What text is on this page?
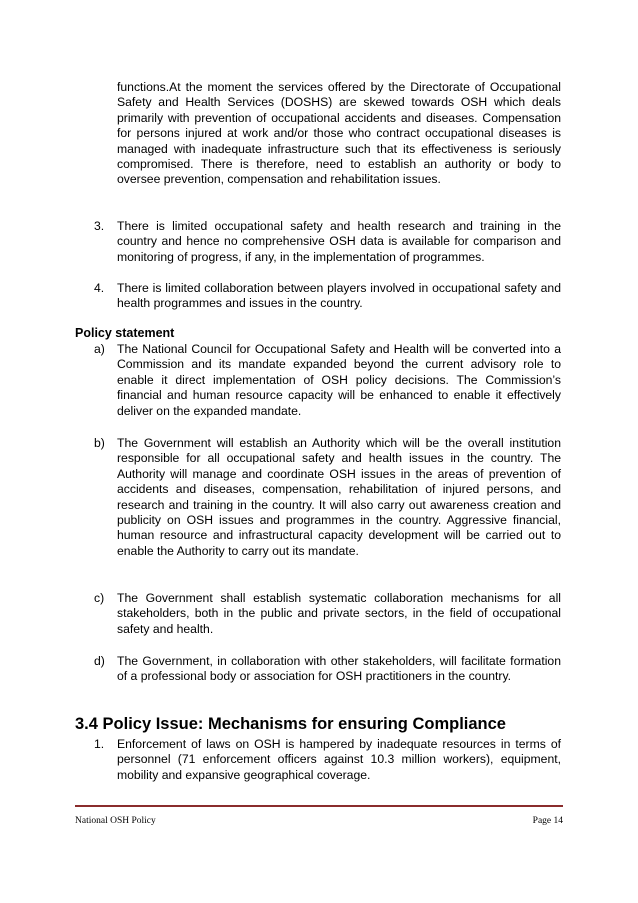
functions.At the moment the services offered by the Directorate of Occupational Safety and Health Services (DOSHS) are skewed towards OSH which deals primarily with prevention of occupational accidents and diseases. Compensation for persons injured at work and/or those who contract occupational diseases is managed with inadequate infrastructure such that its effectiveness is seriously compromised. There is therefore, need to establish an authority or body to oversee prevention, compensation and rehabilitation issues.

3. There is limited occupational safety and health research and training in the country and hence no comprehensive OSH data is available for comparison and monitoring of progress, if any, in the implementation of programmes.

4. There is limited collaboration between players involved in occupational safety and health programmes and issues in the country.

Policy statement
a) The National Council for Occupational Safety and Health will be converted into a Commission and its mandate expanded beyond the current advisory role to enable it direct implementation of OSH policy decisions. The Commission’s financial and human resource capacity will be enhanced to enable it effectively deliver on the expanded mandate.

b) The Government will establish an Authority which will be the overall institution responsible for all occupational safety and health issues in the country. The Authority will manage and coordinate OSH issues in the areas of prevention of accidents and diseases, compensation, rehabilitation of injured persons, and research and training in the country. It will also carry out awareness creation and publicity on OSH issues and programmes in the country. Aggressive financial, human resource and infrastructural capacity development will be carried out to enable the Authority to carry out its mandate.

c) The Government shall establish systematic collaboration mechanisms for all stakeholders, both in the public and private sectors, in the field of occupational safety and health.

d) The Government, in collaboration with other stakeholders, will facilitate formation of a professional body or association for OSH practitioners in the country.

3.4 Policy Issue: Mechanisms for ensuring Compliance
1. Enforcement of laws on OSH is hampered by inadequate resources in terms of personnel (71 enforcement officers against 10.3 million workers), equipment, mobility and expansive geographical coverage.

National OSH Policy	Page 14
